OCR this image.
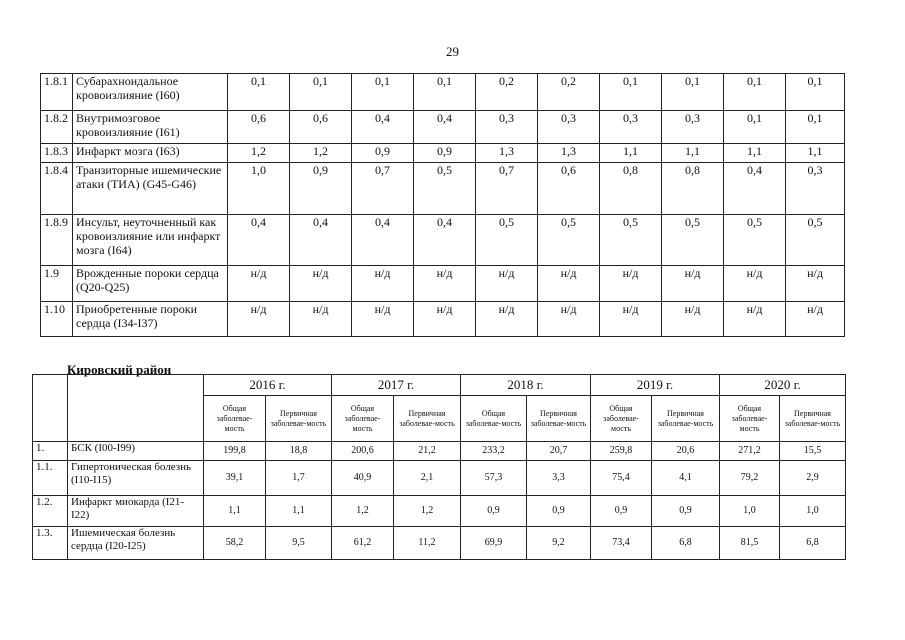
29
1.8.1	Субарахноидальное кровоизлияние (I60)	0,1	0,1	0,1	0,1	0,2	0,2	0,1	0,1	0,1	0,1
1.8.2	Внутримозговое кровоизлияние (I61)	0,6	0,6	0,4	0,4	0,3	0,3	0,3	0,3	0,1	0,1
1.8.3	Инфаркт мозга (I63)	1,2	1,2	0,9	0,9	1,3	1,3	1,1	1,1	1,1	1,1
1.8.4	Транзиторные ишемические атаки (ТИА) (G45-G46)	1,0	0,9	0,7	0,5	0,7	0,6	0,8	0,8	0,4	0,3
1.8.9	Инсульт, неуточненный как кровоизлияние или инфаркт мозга (I64)	0,4	0,4	0,4	0,4	0,5	0,5	0,5	0,5	0,5	0,5
1.9	Врожденные пороки сердца (Q20-Q25)	н/д	н/д	н/д	н/д	н/д	н/д	н/д	н/д	н/д	н/д
1.10	Приобретенные пороки сердца (I34-I37)	н/д	н/д	н/д	н/д	н/д	н/д	н/д	н/д	н/д	н/д
Кировский район
		2016 г.		2017 г.		2018 г.		2019 г.		2020 г.	
		Общая заболевае-мость	Первичная заболевае-мость	Общая заболевае-мость	Первичная заболевае-мость	Общая заболевае-мость	Первичная заболевае-мость	Общая заболевае-мость	Первичная заболевае-мость	Общая заболевае-мость	Первичная заболевае-мость
1.	БСК (I00-I99)	199,8	18,8	200,6	21,2	233,2	20,7	259,8	20,6	271,2	15,5
1.1.	Гипертоническая болезнь (I10-I15)	39,1	1,7	40,9	2,1	57,3	3,3	75,4	4,1	79,2	2,9
1.2.	Инфаркт миокарда (I21-I22)	1,1	1,1	1,2	1,2	0,9	0,9	0,9	0,9	1,0	1,0
1.3.	Ишемическая болезнь сердца (I20-I25)	58,2	9,5	61,2	11,2	69,9	9,2	73,4	6,8	81,5	6,8
